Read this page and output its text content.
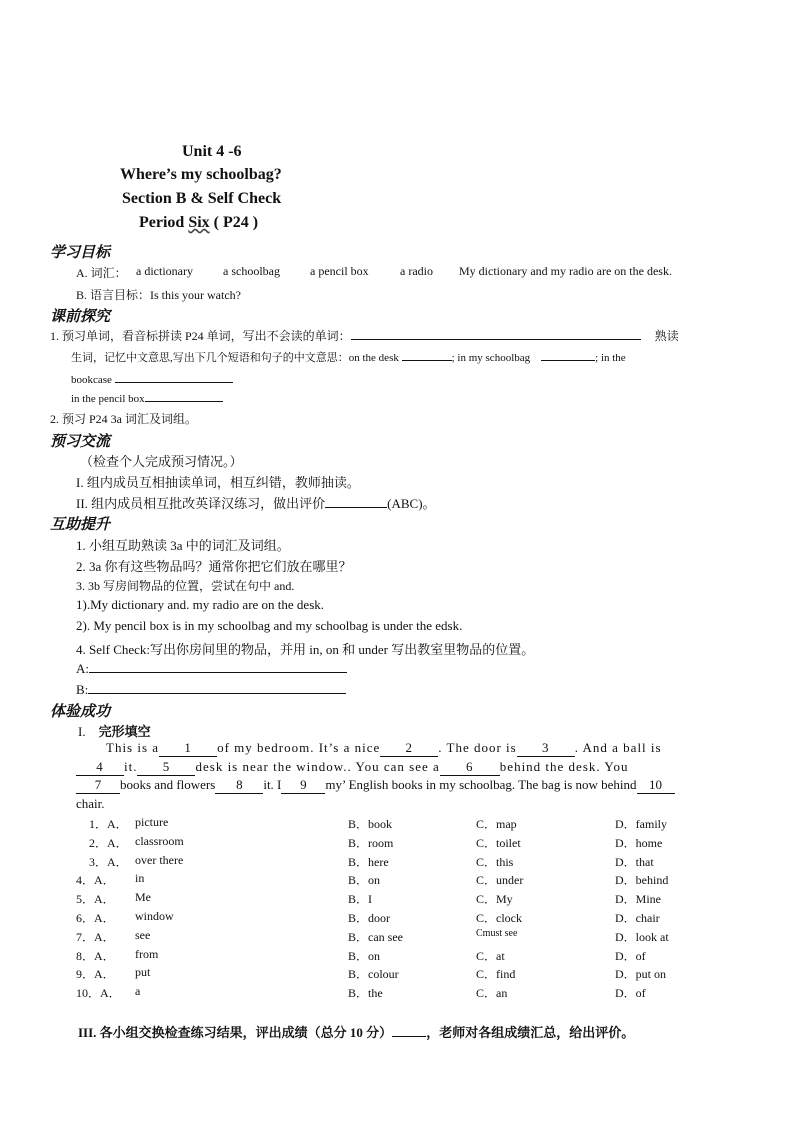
Unit 4 -6
Where’s my schoolbag?
Section B & Self Check
Period Six ( P24 )
学习目标
A. 词汇： a dictionary	a schoolbag	a pencil box	a radio My dictionary and my radio are on the desk.
B. 语言目标：Is this your watch?
课前探究
1. 预习单词，看音标拼读 P24 单词，写出不会读的单词：	熟读
生词，记忆中文意思,写出下几个短语和句子的中文意思：on the desk	; in my schoolbag	; in the
bookcase
in the pencil box
2. 预习 P24 3a 词汇及词组。
预习交流
（检查个人完成预习情况。）
I. 组内成员互相抽读单词，相互纠错，教师抽读。
II. 组内成员相互批改英译汉练习，做出评价	(ABC)。
互助提升
1. 小组互助熟读 3a 中的词汇及词组。
2. 3a 你有这些物品吗？通常你把它们放在哪里？
3. 3b 写房间物品的位置，尝试在句中 and.
1).My dictionary and. my radio are on the desk.
2). My pencil box is in my schoolbag and my schoolbag is under the edsk.
4. Self Check:写出你房间里的物品，并用 in, on 和 under 写出教室里物品的位置。
A:
B:
体验成功
I. 完形填空
This is a 1 of my bedroom. It’s a nice 2 . The door is 3 . And a ball is
4 it. 5 desk is near the window.. You can see a 6 behind the desk. You
7 books and flowers 8 it. I 9 my’ English books in my schoolbag. The bag is now behind 10
chair.
1．A． picture	B．book	C．map	D．family
2．A． classroom	B．room	C．toilet	D．home
3．A． over there	B．here	C．this	D．that
4．A． in	B．on	C．under	D．behind
5．A． Me	B．I	C．My	D．Mine
6．A． window	B．door	C．clock	D．chair
7．A． see	B．can see	Cmust see	D．look at
8．A． from	B．on	C．at	D．of
9．A． put	B．colour	C．find	D．put on
10．A． a	B．the	C．an	D．of
III. 各小组交换检查练习结果，评出成绩（总分 10 分）	，老师对各组成绩汇总，给出评价。
